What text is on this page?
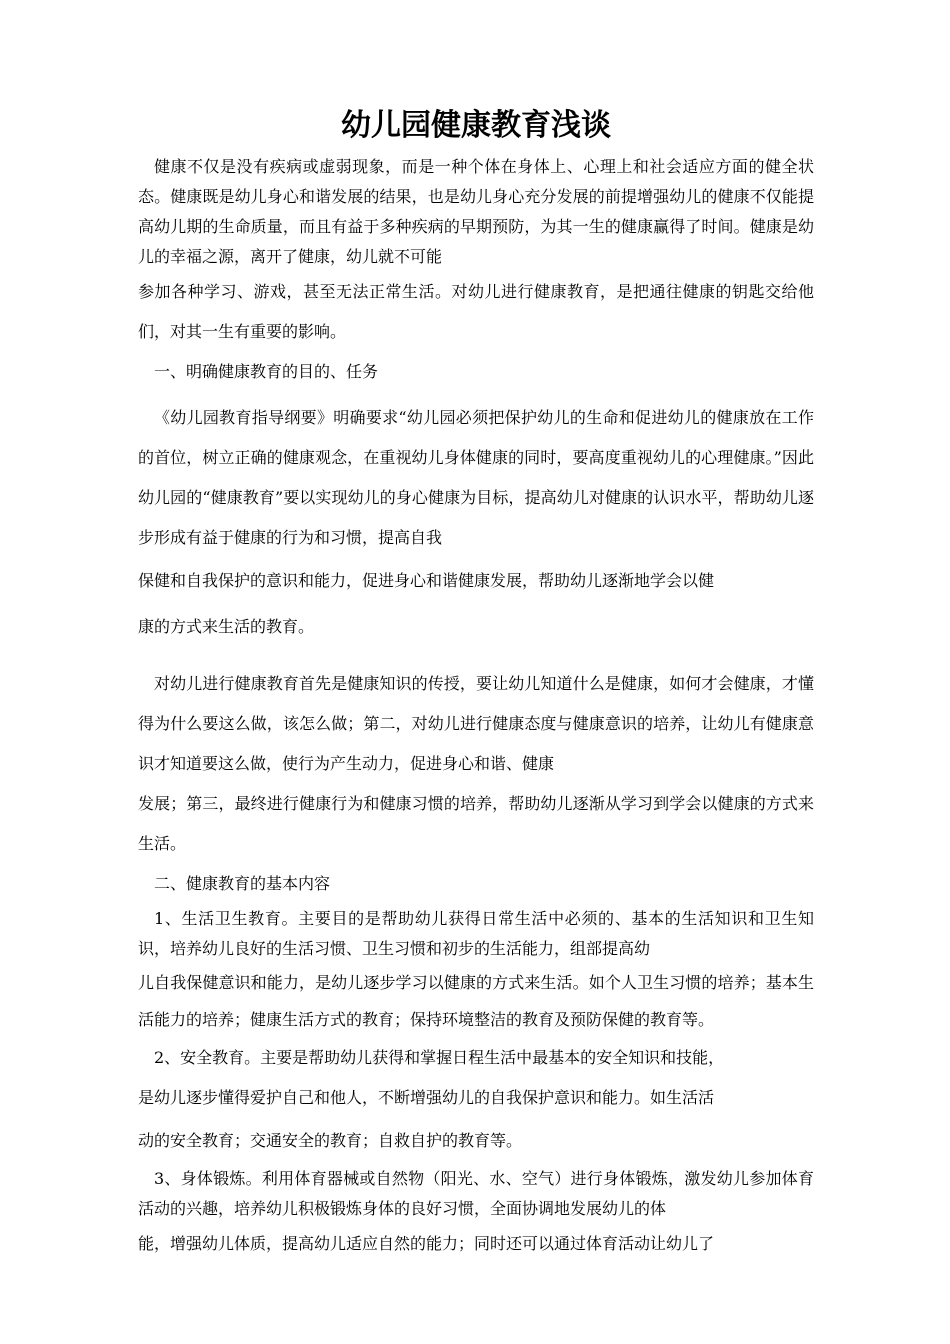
幼儿园健康教育浅谈

健康不仅是没有疾病或虚弱现象，而是一种个体在身体上、心理上和社会适应方面的健全状态。健康既是幼儿身心和谐发展的结果，也是幼儿身心充分发展的前提增强幼儿的健康不仅能提高幼儿期的生命质量，而且有益于多种疾病的早期预防，为其一生的健康赢得了时间。健康是幼儿的幸福之源，离开了健康，幼儿就不可能

参加各种学习、游戏，甚至无法正常生活。对幼儿进行健康教育，是把通往健康的钥匙交给他们，对其一生有重要的影响。

一、明确健康教育的目的、任务

《幼儿园教育指导纲要》明确要求“幼儿园必须把保护幼儿的生命和促进幼儿的健康放在工作的首位，树立正确的健康观念，在重视幼儿身体健康的同时，要高度重视幼儿的心理健康。”因此幼儿园的“健康教育”要以实现幼儿的身心健康为目标，提高幼儿对健康的认识水平，帮助幼儿逐步形成有益于健康的行为和习惯，提高自我

保健和自我保护的意识和能力，促进身心和谐健康发展，帮助幼儿逐渐地学会以健

康的方式来生活的教育。

对幼儿进行健康教育首先是健康知识的传授，要让幼儿知道什么是健康，如何才会健康，才懂得为什么要这么做，该怎么做；第二，对幼儿进行健康态度与健康意识的培养，让幼儿有健康意识才知道要这么做，使行为产生动力，促进身心和谐、健康

发展；第三，最终进行健康行为和健康习惯的培养，帮助幼儿逐渐从学习到学会以健康的方式来生活。

二、健康教育的基本内容

1、生活卫生教育。主要目的是帮助幼儿获得日常生活中必须的、基本的生活知识和卫生知识，培养幼儿良好的生活习惯、卫生习惯和初步的生活能力，组部提高幼

儿自我保健意识和能力，是幼儿逐步学习以健康的方式来生活。如个人卫生习惯的培养；基本生活能力的培养；健康生活方式的教育；保持环境整洁的教育及预防保健的教育等。

2、安全教育。主要是帮助幼儿获得和掌握日程生活中最基本的安全知识和技能，

是幼儿逐步懂得爱护自己和他人，不断增强幼儿的自我保护意识和能力。如生活活

动的安全教育；交通安全的教育；自救自护的教育等。

3、身体锻炼。利用体育器械或自然物（阳光、水、空气）进行身体锻炼，激发幼儿参加体育活动的兴趣，培养幼儿积极锻炼身体的良好习惯，全面协调地发展幼儿的体

能，增强幼儿体质，提高幼儿适应自然的能力；同时还可以通过体育活动让幼儿了
